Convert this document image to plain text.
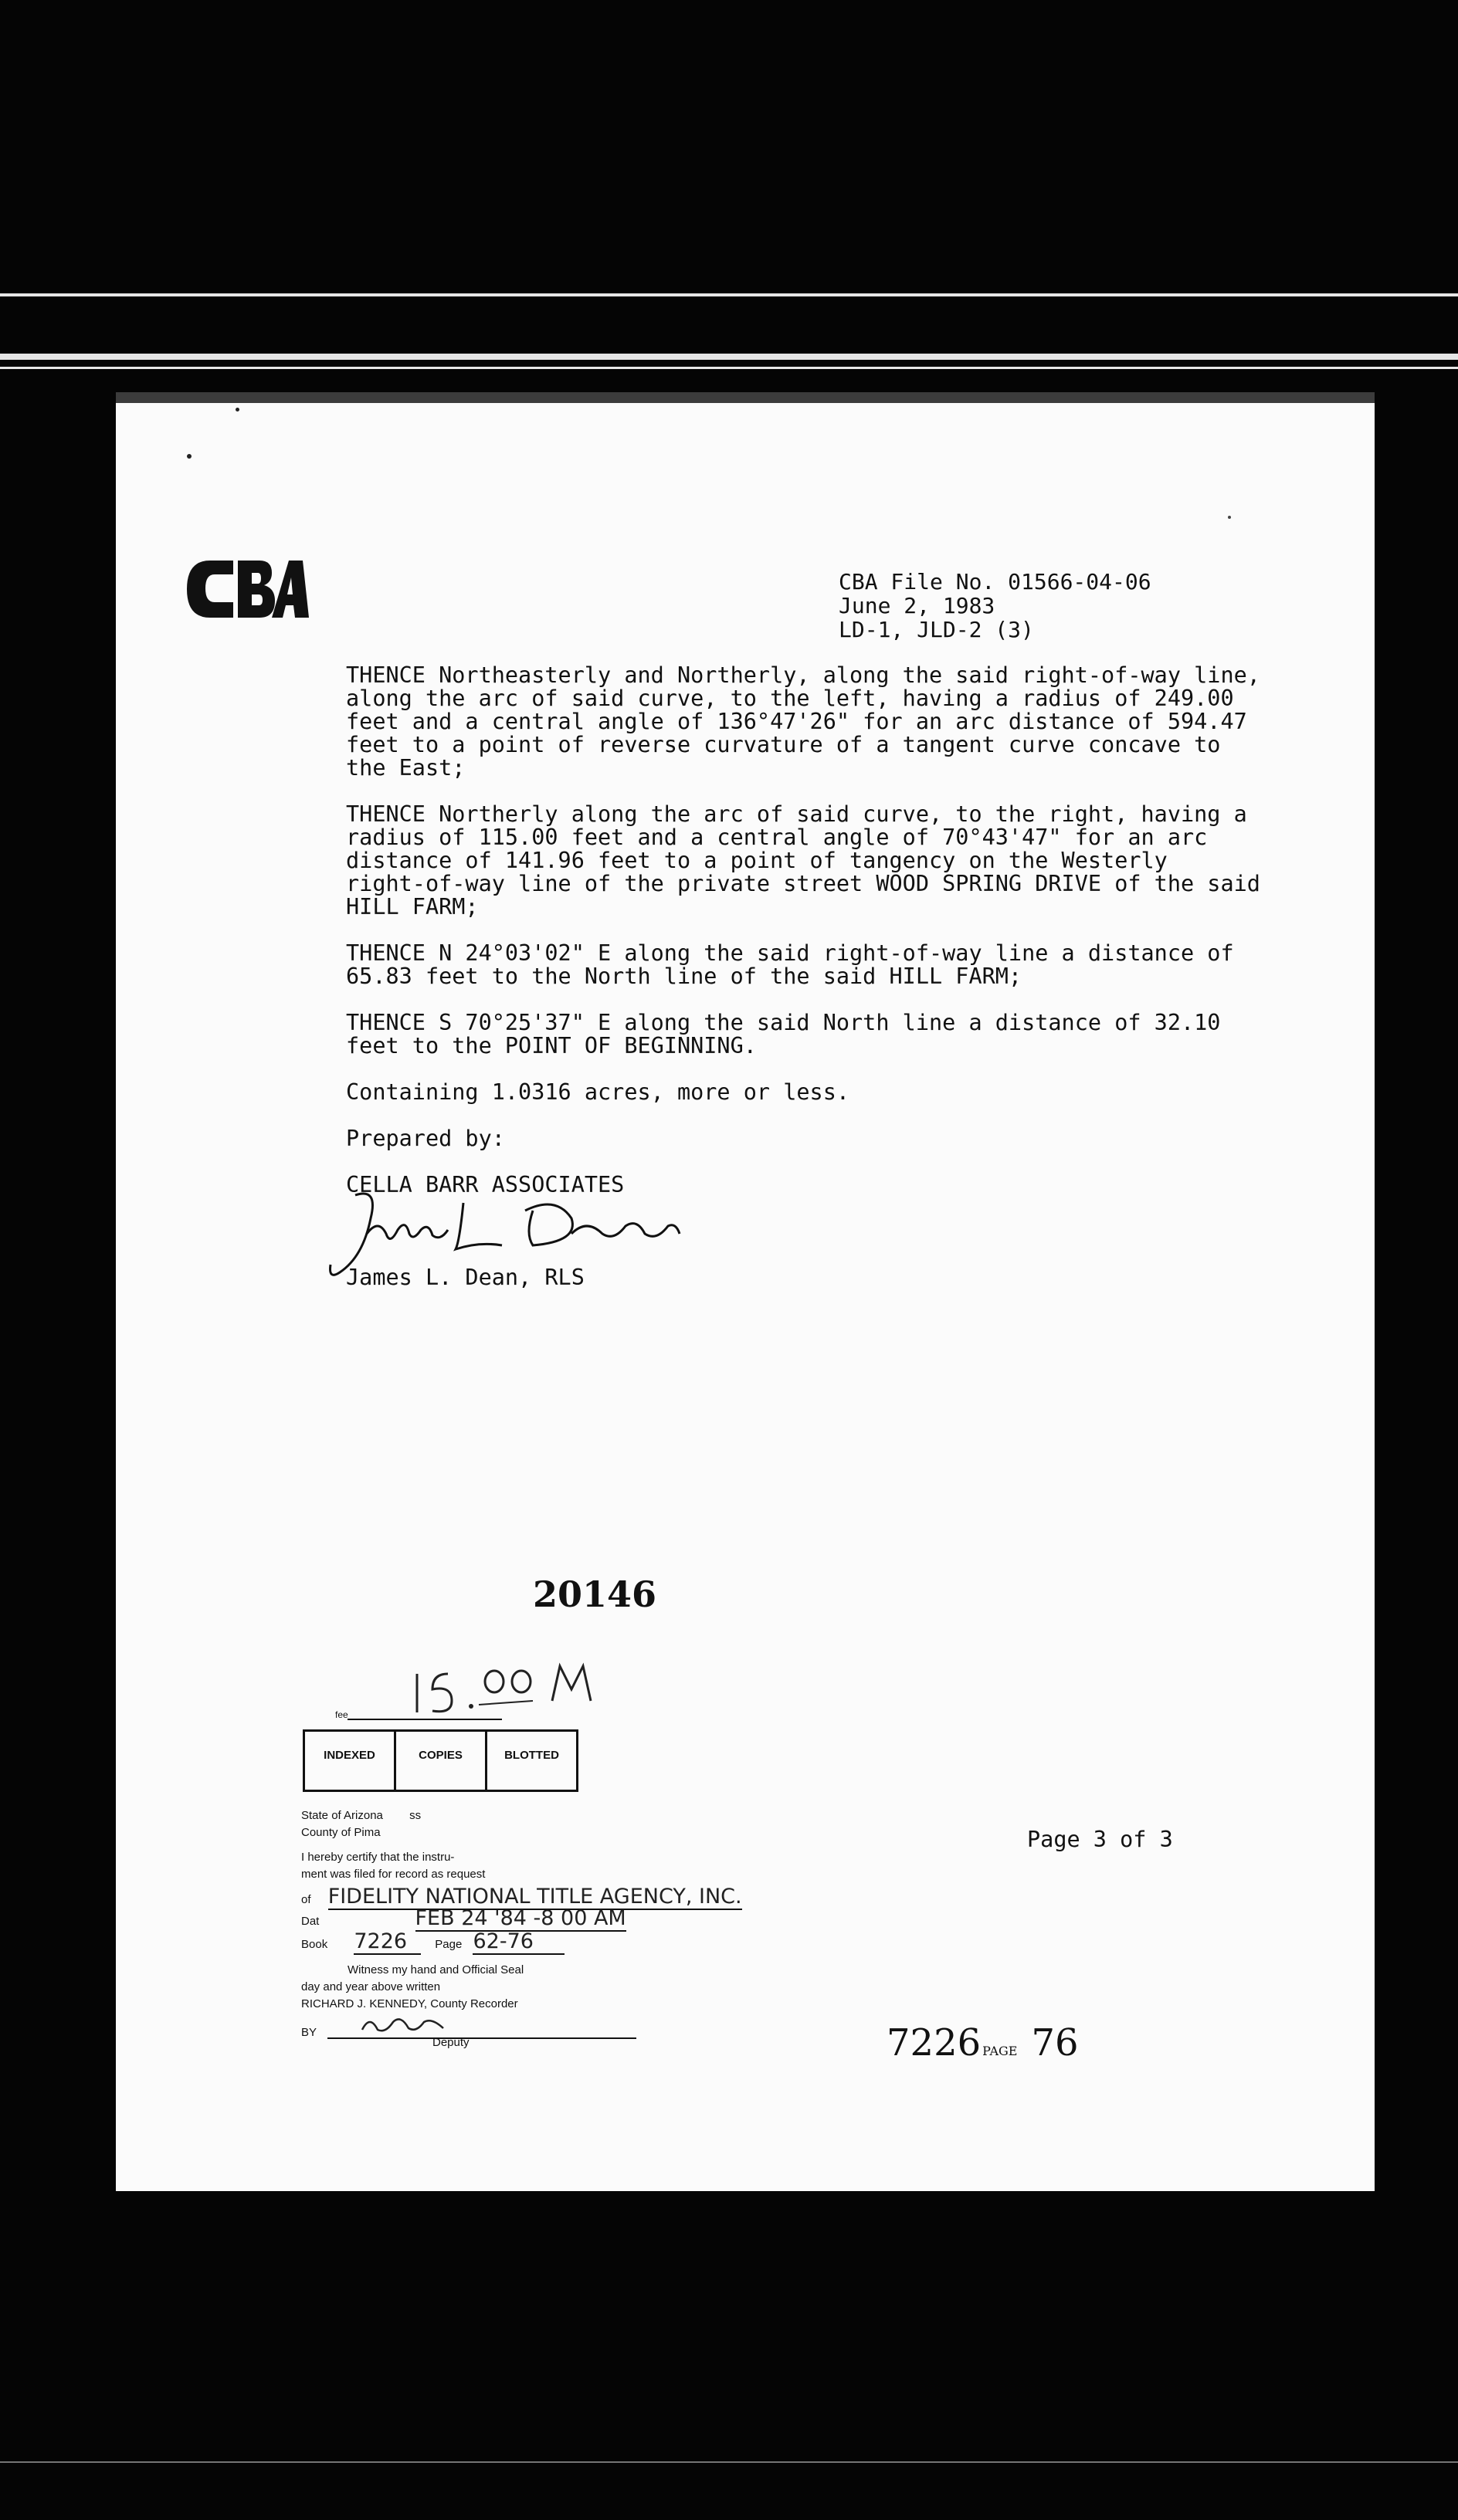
CBA File No. 01566-04-06
June 2, 1983
LD-1, JLD-2 (3)

THENCE Northeasterly and Northerly, along the said right-of-way line,
along the arc of said curve, to the left, having a radius of 249.00
feet and a central angle of 136°47'26" for an arc distance of 594.47
feet to a point of reverse curvature of a tangent curve concave to
the East;

THENCE Northerly along the arc of said curve, to the right, having a
radius of 115.00 feet and a central angle of 70°43'47" for an arc
distance of 141.96 feet to a point of tangency on the Westerly
right-of-way line of the private street WOOD SPRING DRIVE of the said
HILL FARM;

THENCE N 24°03'02" E along the said right-of-way line a distance of
65.83 feet to the North line of the said HILL FARM;

THENCE S 70°25'37" E along the said North line a distance of 32.10
feet to the POINT OF BEGINNING.

Containing 1.0316 acres, more or less.

Prepared by:

CELLA BARR ASSOCIATES

James L. Dean, RLS
20146
fee
INDEXED	COPIES	BLOTTED
State of Arizona ss
County of Pima
I hereby certify that the instru-
ment was filed for record as request
of FIDELITY NATIONAL TITLE AGENCY, INC.
Dat	FEB 24 '84 -8 00 AM
Book 7226 Page 62-76
Witness my hand and Official Seal
day and year above written
RICHARD J. KENNEDY, County Recorder
BY
Deputy
Page 3 of 3
7226 PAGE 76
